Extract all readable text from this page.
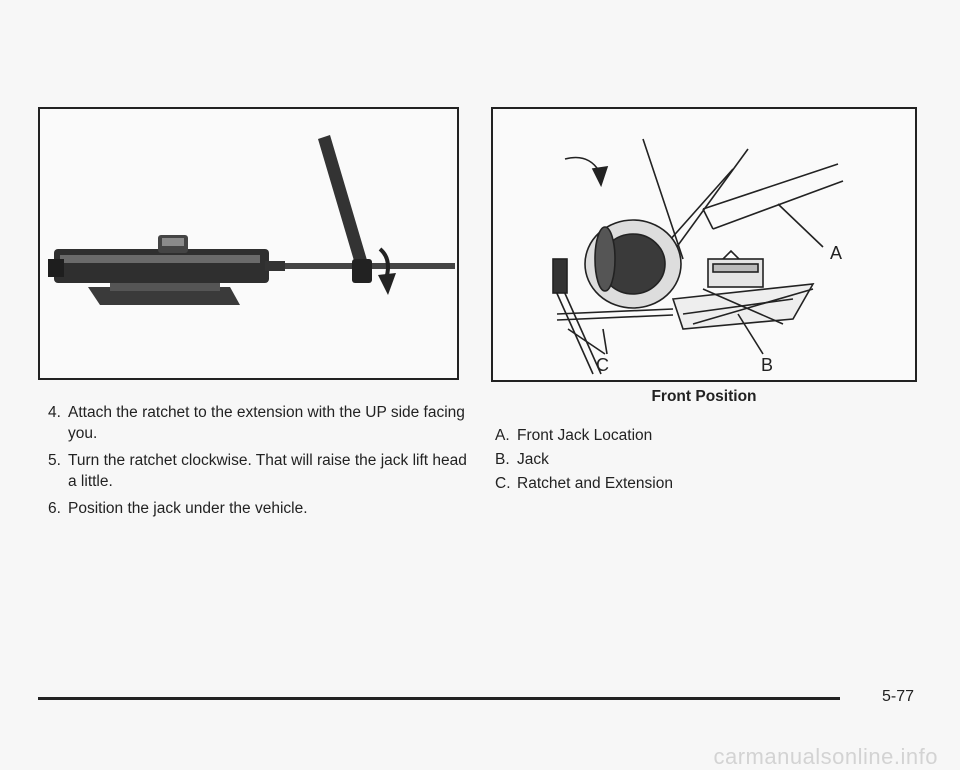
A
C	B
4. Attach the ratchet to the extension with the UP side facing you.
5. Turn the ratchet clockwise. That will raise the jack lift head a little.
6. Position the jack under the vehicle.
Front Position
A. Front Jack Location
B. Jack
C. Ratchet and Extension
5-77
carmanualsonline.info
